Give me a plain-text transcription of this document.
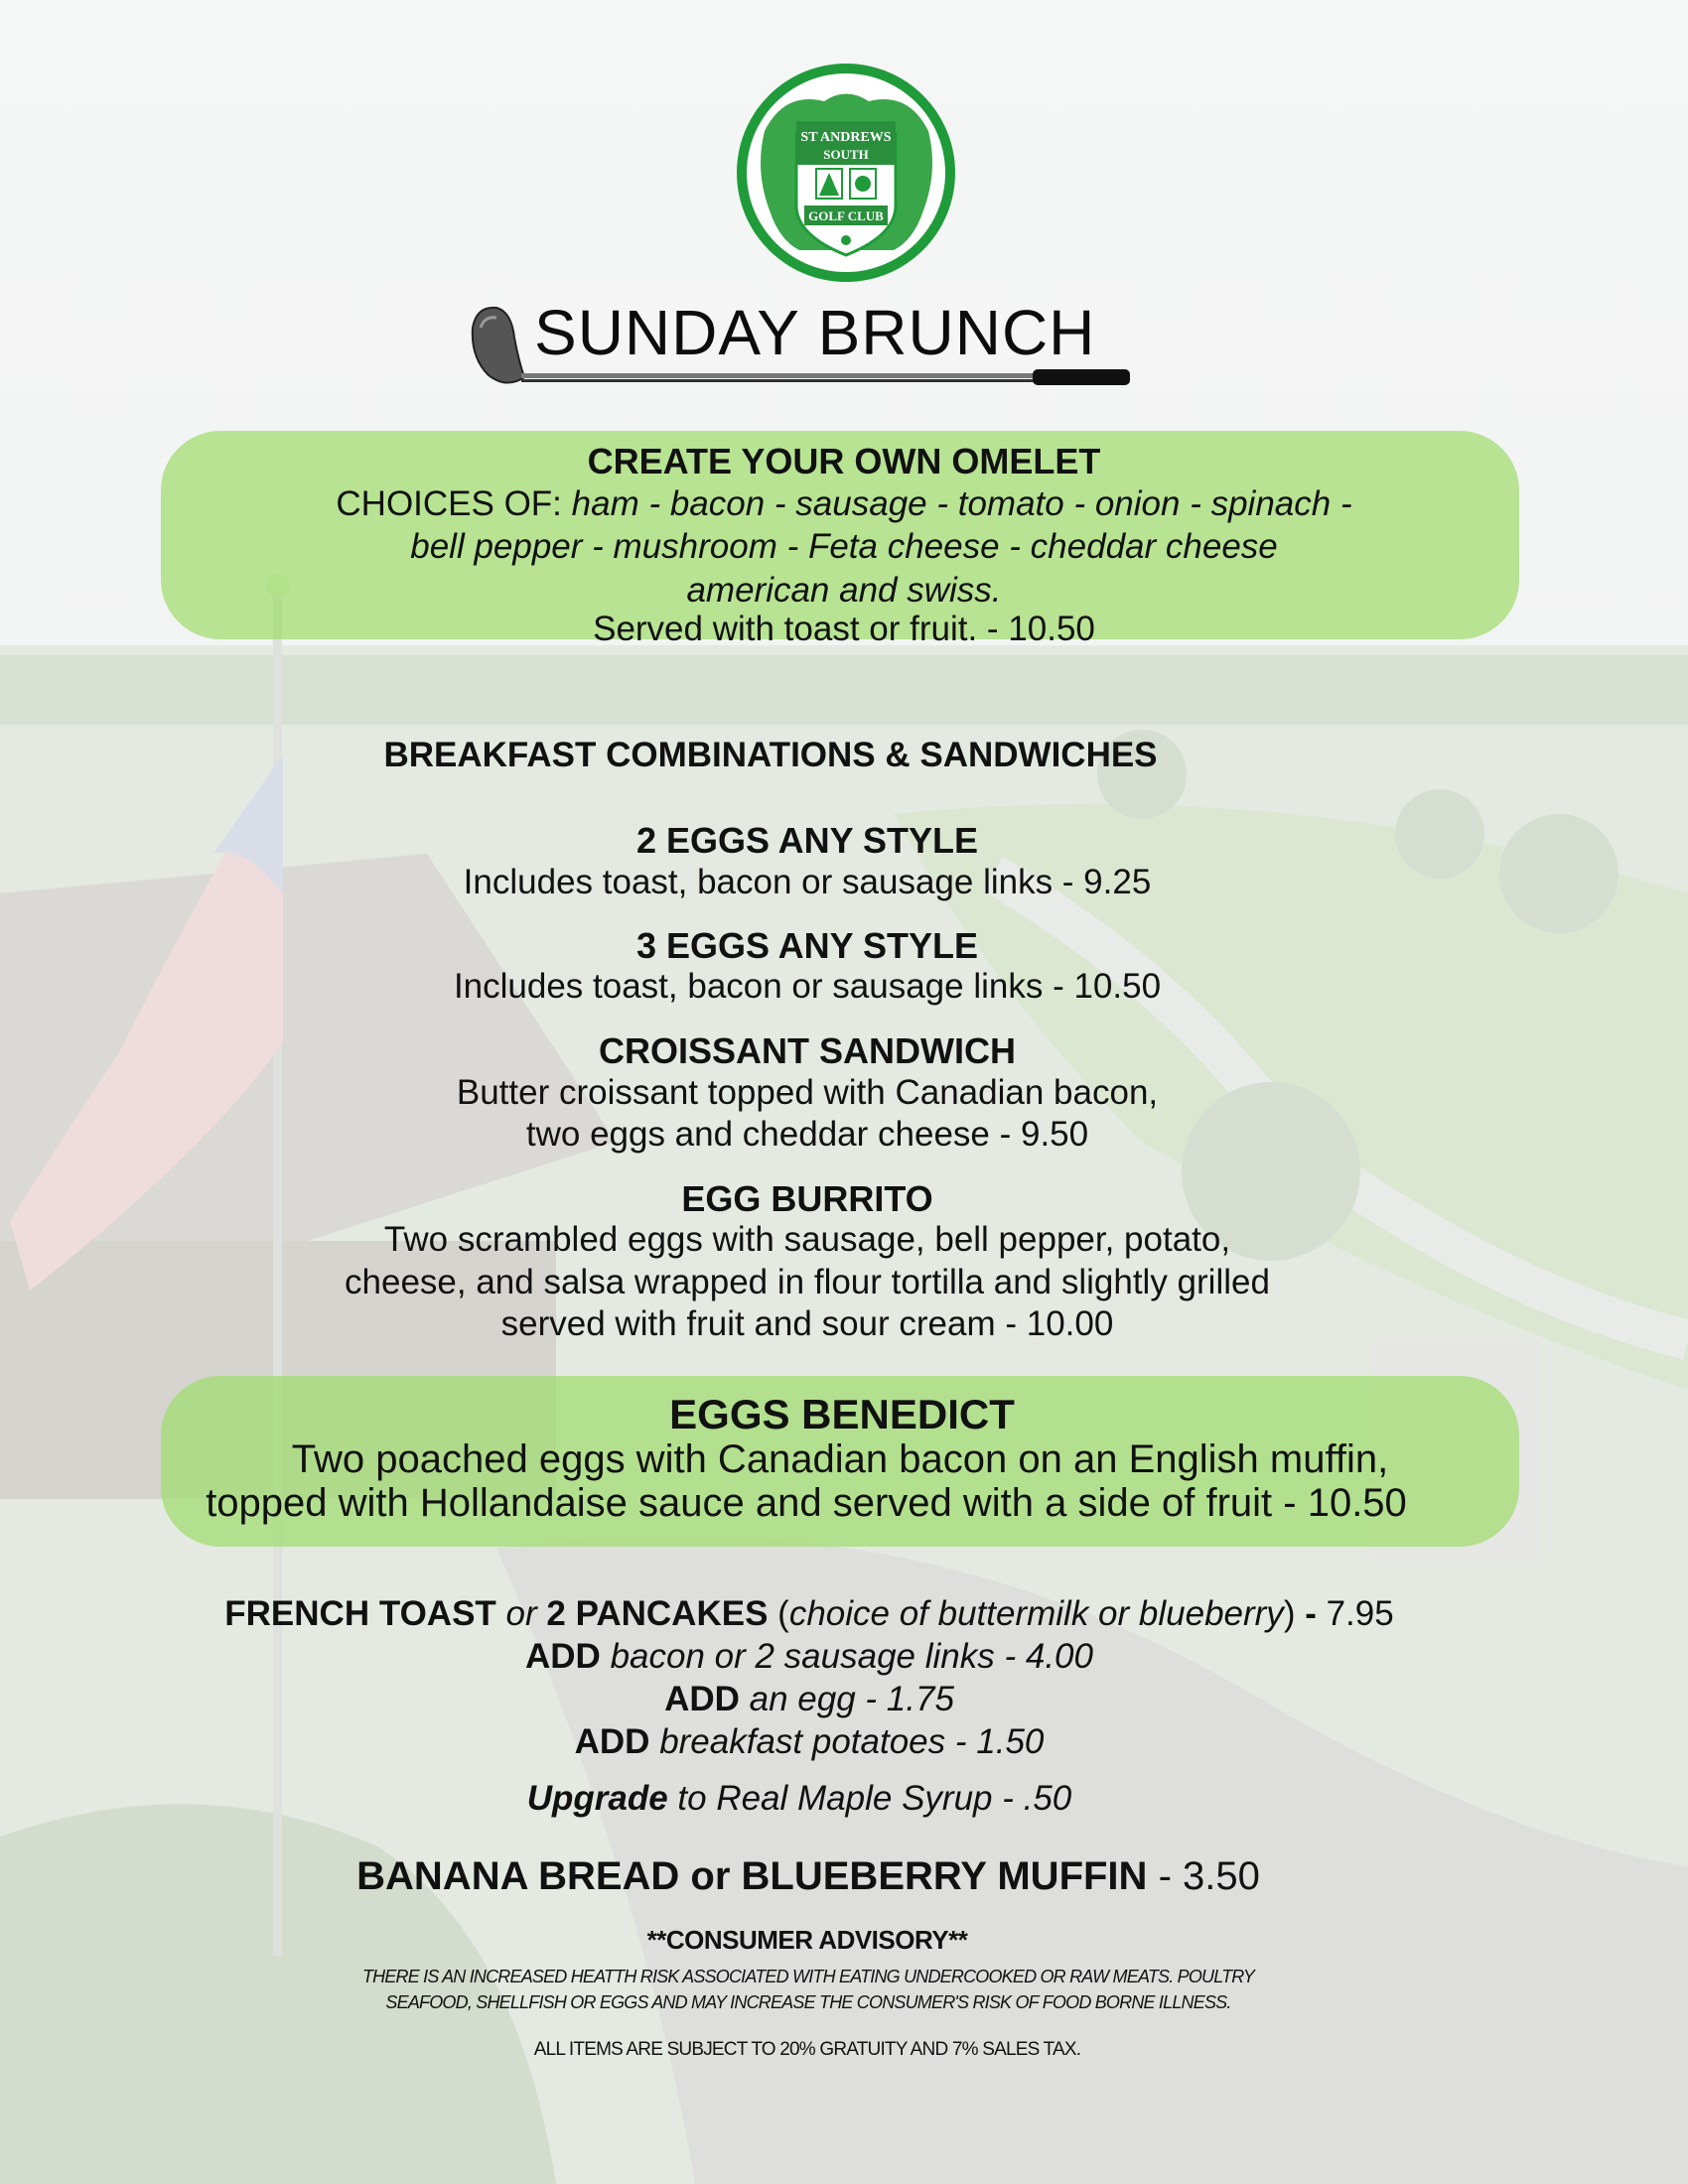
ST ANDREWS
SOUTH
GOLF CLUB
SUNDAY BRUNCH
CREATE YOUR OWN OMELET
CHOICES OF: ham - bacon - sausage - tomato - onion - spinach -
bell pepper - mushroom - Feta cheese - cheddar cheese
american and swiss.
Served with toast or fruit. - 10.50
BREAKFAST COMBINATIONS & SANDWICHES
2 EGGS ANY STYLE
Includes toast, bacon or sausage links - 9.25
3 EGGS ANY STYLE
Includes toast, bacon or sausage links - 10.50
CROISSANT SANDWICH
Butter croissant topped with Canadian bacon,
two eggs and cheddar cheese - 9.50
EGG BURRITO
Two scrambled eggs with sausage, bell pepper, potato,
cheese, and salsa wrapped in flour tortilla and slightly grilled
served with fruit and sour cream - 10.00
EGGS BENEDICT
Two poached eggs with Canadian bacon on an English muffin,
topped with Hollandaise sauce and served with a side of fruit - 10.50
FRENCH TOAST or 2 PANCAKES (choice of buttermilk or blueberry) - 7.95
ADD bacon or 2 sausage links - 4.00
ADD an egg - 1.75
ADD breakfast potatoes - 1.50
Upgrade to Real Maple Syrup - .50
BANANA BREAD or BLUEBERRY MUFFIN - 3.50
**CONSUMER ADVISORY**
THERE IS AN INCREASED HEATTH RISK ASSOCIATED WITH EATING UNDERCOOKED OR RAW MEATS. POULTRY
SEAFOOD, SHELLFISH OR EGGS AND MAY INCREASE THE CONSUMER'S RISK OF FOOD BORNE ILLNESS.
ALL ITEMS ARE SUBJECT TO 20% GRATUITY AND 7% SALES TAX.
